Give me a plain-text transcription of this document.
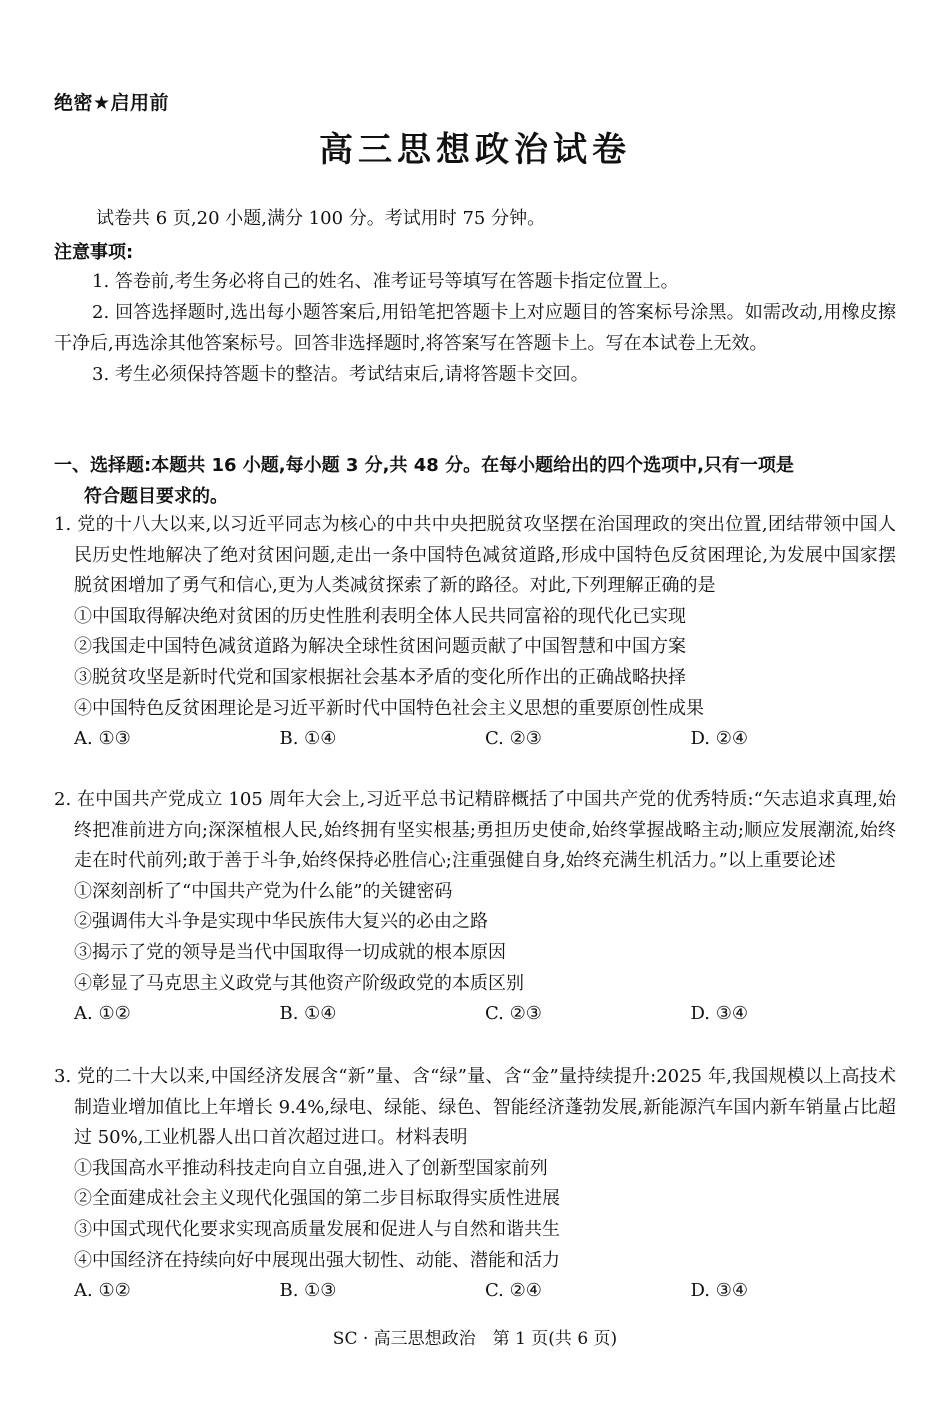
绝密★启用前
高三思想政治试卷
试卷共 6 页,20 小题,满分 100 分。考试用时 75 分钟。
注意事项:

1. 答卷前,考生务必将自己的姓名、准考证号等填写在答题卡指定位置上。

2. 回答选择题时,选出每小题答案后,用铅笔把答题卡上对应题目的答案标号涂黑。如需改动,用橡皮擦干净后,再选涂其他答案标号。回答非选择题时,将答案写在答题卡上。写在本试卷上无效。

3. 考生必须保持答题卡的整洁。考试结束后,请将答题卡交回。

一、选择题:本题共 16 小题,每小题 3 分,共 48 分。在每小题给出的四个选项中,只有一项是
符合题目要求的。

1. 党的十八大以来,以习近平同志为核心的中共中央把脱贫攻坚摆在治国理政的突出位置,团结带领中国人民历史性地解决了绝对贫困问题,走出一条中国特色减贫道路,形成中国特色反贫困理论,为发展中国家摆脱贫困增加了勇气和信心,更为人类减贫探索了新的路径。对此,下列理解正确的是

①中国取得解决绝对贫困的历史性胜利表明全体人民共同富裕的现代化已实现

②我国走中国特色减贫道路为解决全球性贫困问题贡献了中国智慧和中国方案

③脱贫攻坚是新时代党和国家根据社会基本矛盾的变化所作出的正确战略抉择

④中国特色反贫困理论是习近平新时代中国特色社会主义思想的重要原创性成果

A. ①③	B. ①④	C. ②③	D. ②④

2. 在中国共产党成立 105 周年大会上,习近平总书记精辟概括了中国共产党的优秀特质:“矢志追求真理,始终把准前进方向;深深植根人民,始终拥有坚实根基;勇担历史使命,始终掌握战略主动;顺应发展潮流,始终走在时代前列;敢于善于斗争,始终保持必胜信心;注重强健自身,始终充满生机活力。”以上重要论述

①深刻剖析了“中国共产党为什么能”的关键密码

②强调伟大斗争是实现中华民族伟大复兴的必由之路

③揭示了党的领导是当代中国取得一切成就的根本原因

④彰显了马克思主义政党与其他资产阶级政党的本质区别

A. ①②	B. ①④	C. ②③	D. ③④

3. 党的二十大以来,中国经济发展含“新”量、含“绿”量、含“金”量持续提升:2025 年,我国规模以上高技术制造业增加值比上年增长 9.4%,绿电、绿能、绿色、智能经济蓬勃发展,新能源汽车国内新车销量占比超过 50%,工业机器人出口首次超过进口。材料表明

①我国高水平推动科技走向自立自强,进入了创新型国家前列

②全面建成社会主义现代化强国的第二步目标取得实质性进展

③中国式现代化要求实现高质量发展和促进人与自然和谐共生

④中国经济在持续向好中展现出强大韧性、动能、潜能和活力

A. ①②	B. ①③	C. ②④	D. ③④
SC · 高三思想政治　第 1 页(共 6 页)
